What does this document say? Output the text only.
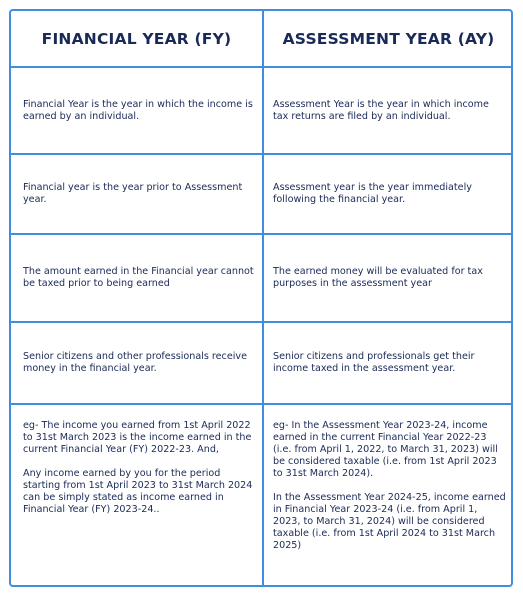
FINANCIAL YEAR (FY)	ASSESSMENT YEAR (AY)
Financial Year is the year in which the income is earned by an individual.
Assessment Year is the year in which income tax returns are filed by an individual.
Financial year is the year prior to Assessment year.
Assessment year is the year immediately following the financial year.
The amount earned in the Financial year cannot be taxed prior to being earned
The earned money will be evaluated for tax purposes in the assessment year
Senior citizens and other professionals receive money in the financial year.
Senior citizens and professionals get their income taxed in the assessment year.

eg- The income you earned from 1st April 2022 to 31st March 2023 is the income earned in the current Financial Year (FY) 2022-23. And,

Any income earned by you for the period starting from 1st April 2023 to 31st March 2024 can be simply stated as income earned in Financial Year (FY) 2023-24..

eg- In the Assessment Year 2023-24, income earned in the current Financial Year 2022-23 (i.e. from April 1, 2022, to March 31, 2023) will be considered taxable (i.e. from 1st April 2023 to 31st March 2024).

In the Assessment Year 2024-25, income earned in Financial Year 2023-24 (i.e. from April 1, 2023, to March 31, 2024) will be considered taxable (i.e. from 1st April 2024 to 31st March 2025)
